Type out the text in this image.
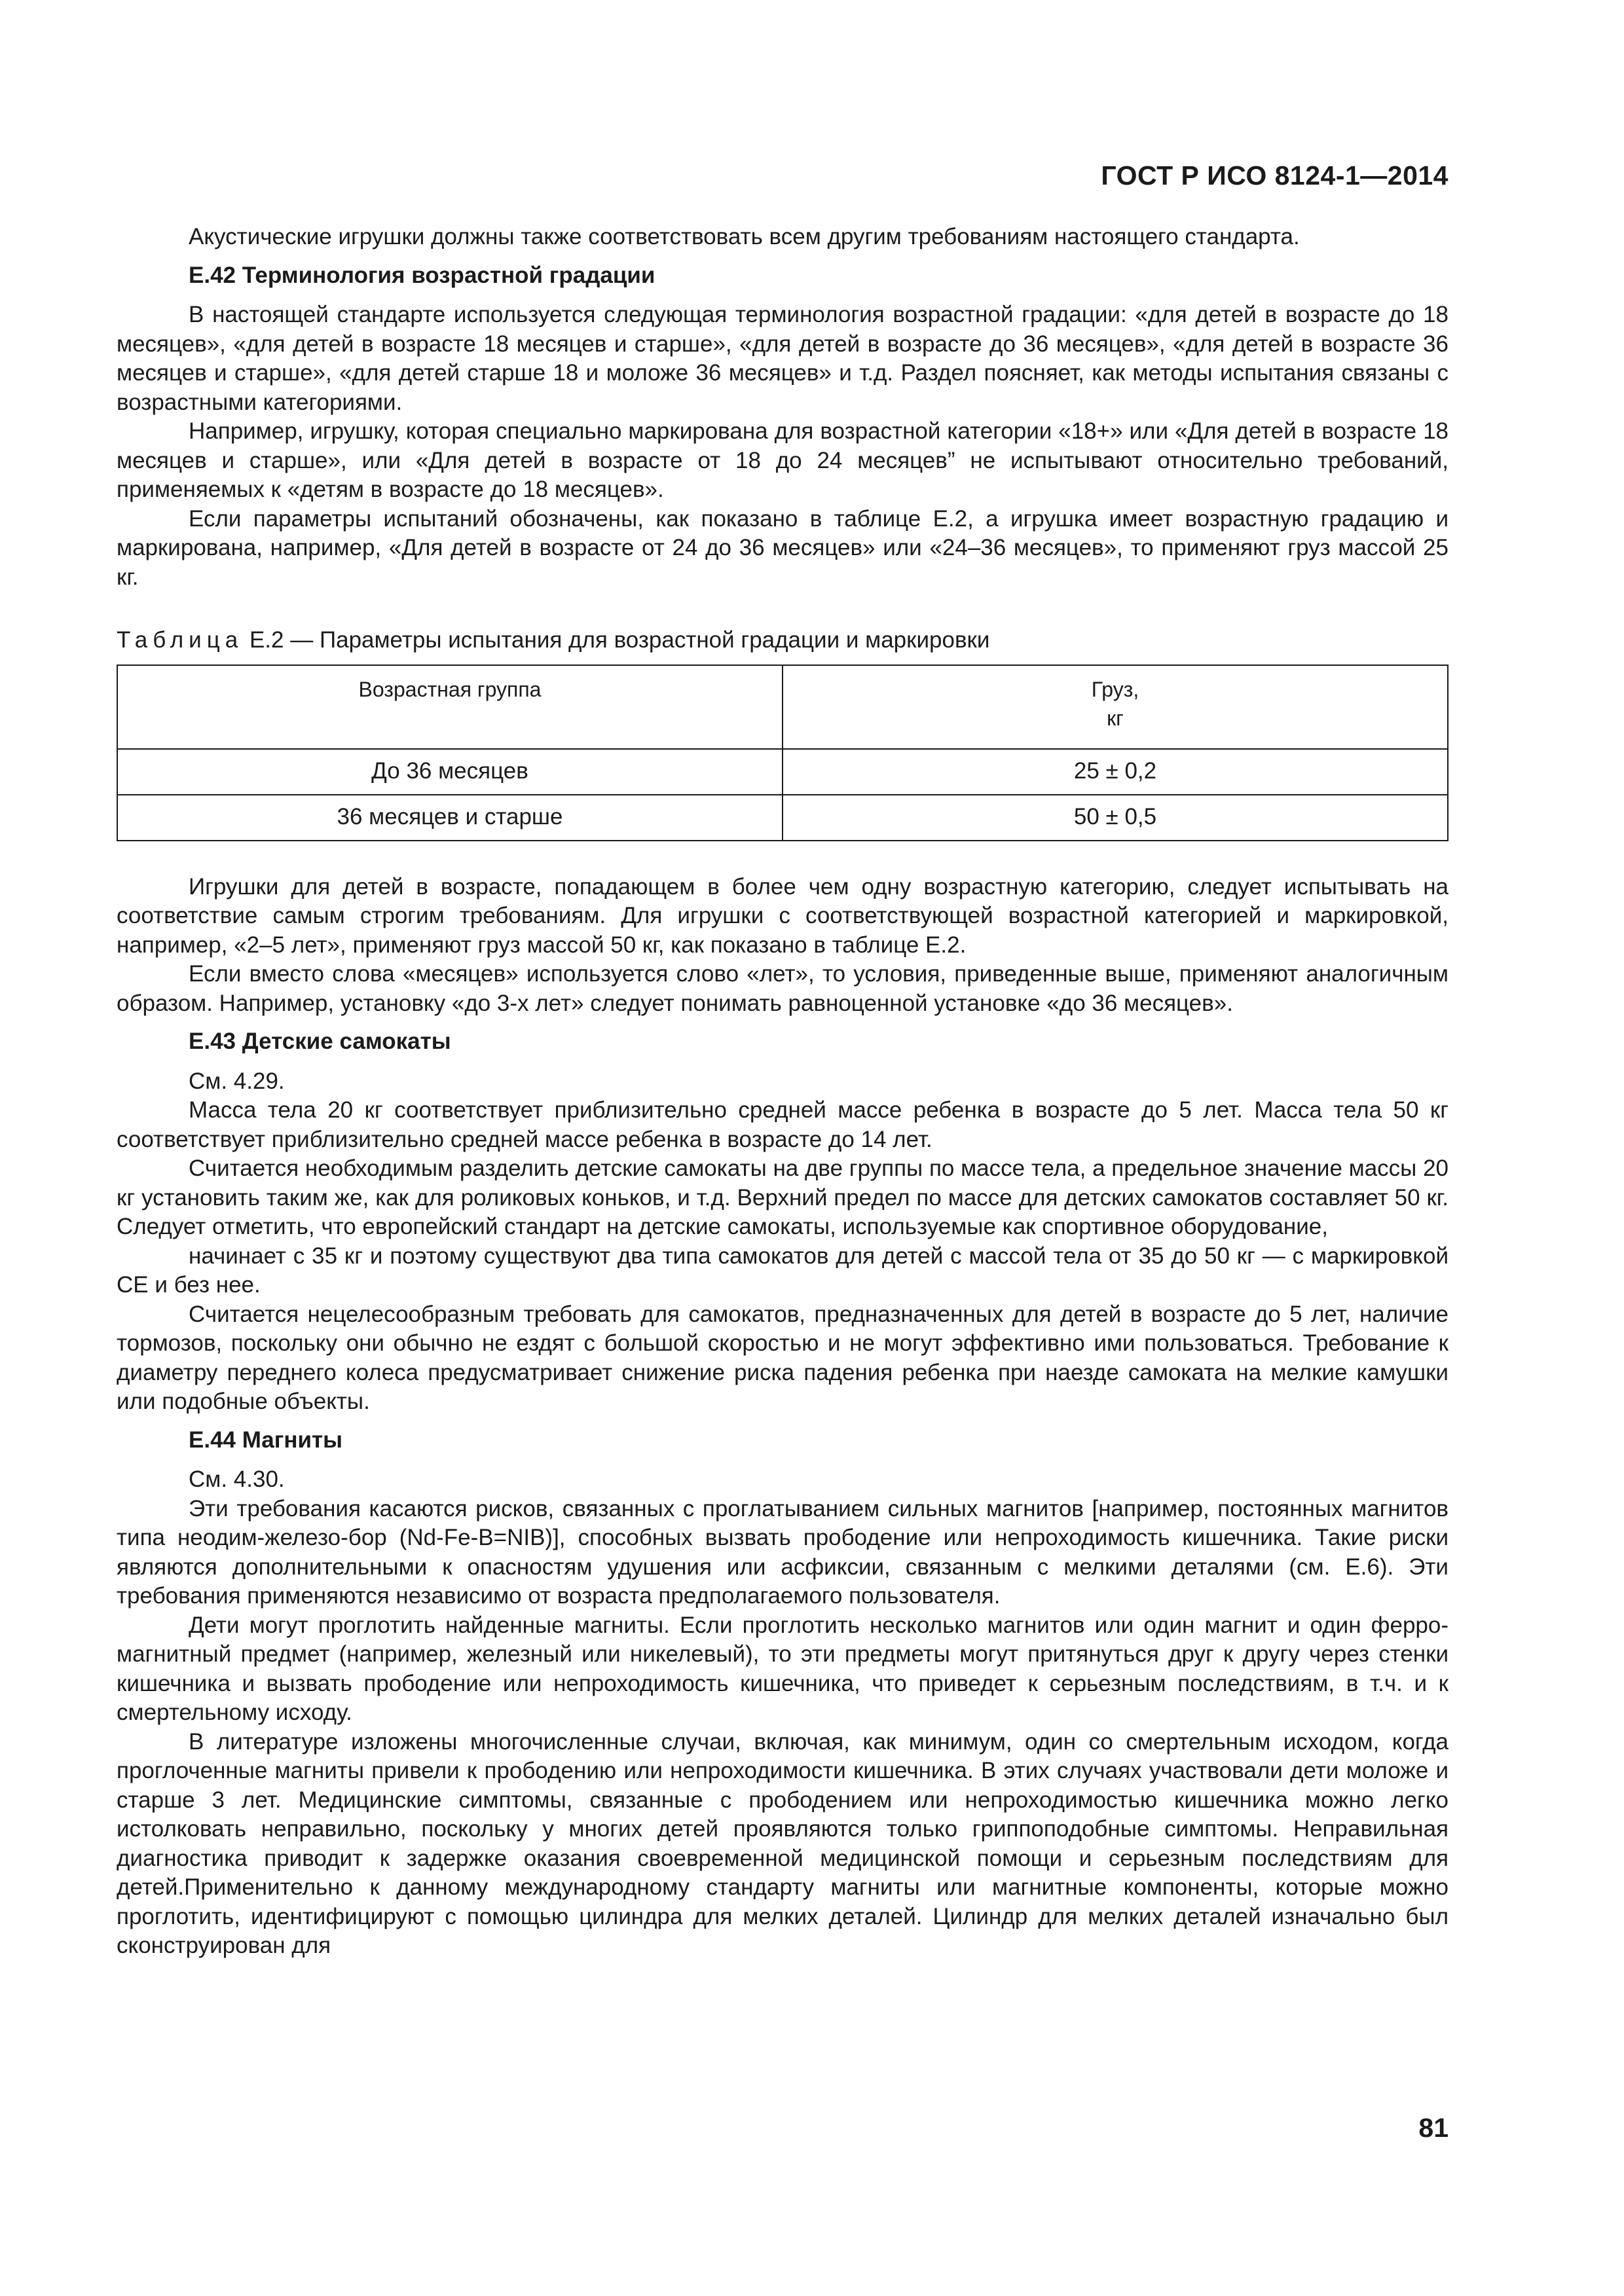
ГОСТ Р ИСО 8124-1—2014

Акустические игрушки должны также соответствовать всем другим требованиям настоящего стандарта.

Е.42 Терминология возрастной градации

В настоящей стандарте используется следующая терминология возрастной градации: «для детей в возрасте до 18 месяцев», «для детей в возрасте 18 месяцев и старше», «для детей в возрасте до 36 месяцев», «для детей в возрасте 36 месяцев и старше», «для детей старше 18 и моложе 36 месяцев» и т.д. Раздел поясняет, как методы испытания связаны с возрастными категориями.

Например, игрушку, которая специально маркирована для возрастной категории «18+» или «Для детей в возрасте 18 месяцев и старше», или «Для детей в возрасте от 18 до 24 месяцев” не испытывают относительно требований, применяемых к «детям в возрасте до 18 месяцев».

Если параметры испытаний обозначены, как показано в таблице Е.2, а игрушка имеет возрастную градацию и маркирована, например, «Для детей в возрасте от 24 до 36 месяцев» или «24–36 месяцев», то применяют груз массой 25 кг.

Таблица Е.2 — Параметры испытания для возрастной градации и маркировки
Возрастная группа	Груз,
кг
До 36 месяцев	25 ± 0,2
36 месяцев и старше	50 ± 0,5

Игрушки для детей в возрасте, попадающем в более чем одну возрастную категорию, следует испытывать на соответствие самым строгим требованиям. Для игрушки с соответствующей возрастной категорией и маркировкой, например, «2–5 лет», применяют груз массой 50 кг, как показано в таблице Е.2.

Если вместо слова «месяцев» используется слово «лет», то условия, приведенные выше, применяют аналогичным образом. Например, установку «до 3-х лет» следует понимать равноценной установке «до 36 месяцев».

Е.43 Детские самокаты

См. 4.29.

Масса тела 20 кг соответствует приблизительно средней массе ребенка в возрасте до 5 лет. Масса тела 50 кг соответствует приблизительно средней массе ребенка в возрасте до 14 лет.

Считается необходимым разделить детские самокаты на две группы по массе тела, а предельное значение массы 20 кг установить таким же, как для роликовых коньков, и т.д. Верхний предел по массе для детских самокатов составляет 50 кг. Следует отметить, что европейский стандарт на детские самокаты, используемые как спортивное оборудование,

начинает с 35 кг и поэтому существуют два типа самокатов для детей с массой тела от 35 до 50 кг — с маркировкой СЕ и без нее.

Считается нецелесообразным требовать для самокатов, предназначенных для детей в возрасте до 5 лет, наличие тормозов, поскольку они обычно не ездят с большой скоростью и не могут эффективно ими пользоваться. Требование к диаметру переднего колеса предусматривает снижение риска падения ребенка при наезде самоката на мелкие камушки или подобные объекты.

Е.44 Магниты

См. 4.30.

Эти требования касаются рисков, связанных с проглатыванием сильных магнитов [например, постоянных магнитов типа неодим-железо-бор (Nd-Fe-B=NIB)], способных вызвать прободение или непроходимость кишечника. Такие риски являются дополнительными к опасностям удушения или асфиксии, связанным с мелкими деталями (см. Е.6). Эти требования применяются независимо от возраста предполагаемого пользователя.

Дети могут проглотить найденные магниты. Если проглотить несколько магнитов или один магнит и один ферро-магнитный предмет (например, железный или никелевый), то эти предметы могут притянуться друг к другу через стенки кишечника и вызвать прободение или непроходимость кишечника, что приведет к серьезным последствиям, в т.ч. и к смертельному исходу.

В литературе изложены многочисленные случаи, включая, как минимум, один со смертельным исходом, когда проглоченные магниты привели к прободению или непроходимости кишечника. В этих случаях участвовали дети моложе и старше 3 лет. Медицинские симптомы, связанные с прободением или непроходимостью кишечника можно легко истолковать неправильно, поскольку у многих детей проявляются только гриппоподобные симптомы. Неправильная диагностика приводит к задержке оказания своевременной медицинской помощи и серьезным последствиям для детей.Применительно к данному международному стандарту магниты или магнитные компоненты, которые можно проглотить, идентифицируют с помощью цилиндра для мелких деталей. Цилиндр для мелких деталей изначально был сконструирован для

81
